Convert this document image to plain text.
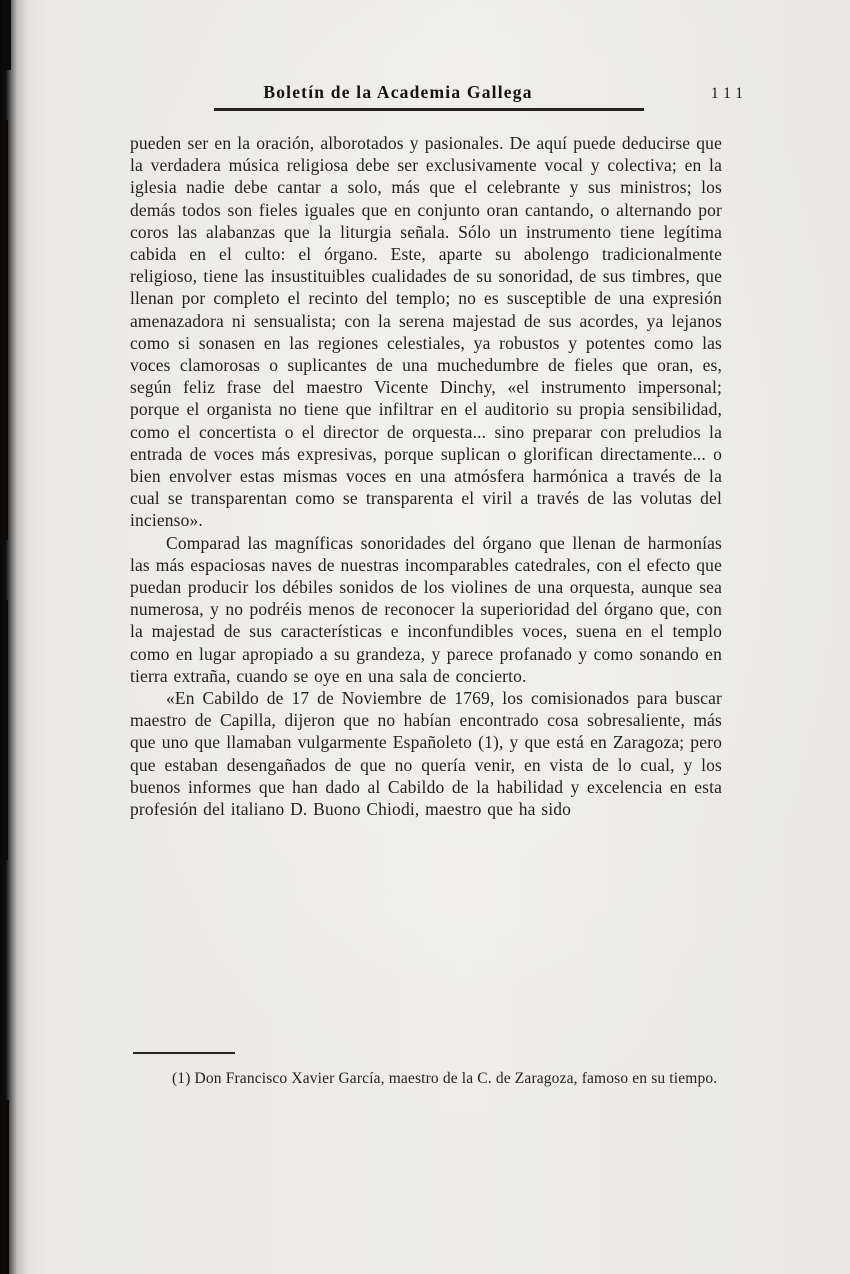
Boletín de la Academia Gallega	111

pueden ser en la oración, alborotados y pasionales. De aquí puede deducirse que la verdadera música religiosa debe ser exclusivamente vocal y colectiva; en la iglesia nadie debe cantar a solo, más que el celebrante y sus ministros; los demás todos son fieles iguales que en conjunto oran cantando, o alternando por coros las alabanzas que la liturgia señala. Sólo un instrumento tiene legítima cabida en el culto: el órgano. Este, aparte su abolengo tradicionalmente religioso, tiene las insustituibles cualidades de su sonoridad, de sus timbres, que llenan por completo el recinto del templo; no es susceptible de una expresión amenazadora ni sensualista; con la serena majestad de sus acordes, ya lejanos como si sonasen en las regiones celestiales, ya robustos y potentes como las voces clamorosas o suplicantes de una muchedumbre de fieles que oran, es, según feliz frase del maestro Vicente Dinchy, «el instrumento impersonal; porque el organista no tiene que infiltrar en el auditorio su propia sensibilidad, como el concertista o el director de orquesta... sino preparar con preludios la entrada de voces más expresivas, porque suplican o glorifican directamente... o bien envolver estas mismas voces en una atmósfera harmónica a través de la cual se transparentan como se transparenta el viril a través de las volutas del incienso».

Comparad las magníficas sonoridades del órgano que llenan de harmonías las más espaciosas naves de nuestras incomparables catedrales, con el efecto que puedan producir los débiles sonidos de los violines de una orquesta, aunque sea numerosa, y no podréis menos de reconocer la superioridad del órgano que, con la majestad de sus características e inconfundibles voces, suena en el templo como en lugar apropiado a su grandeza, y parece profanado y como sonando en tierra extraña, cuando se oye en una sala de concierto.

«En Cabildo de 17 de Noviembre de 1769, los comisionados para buscar maestro de Capilla, dijeron que no habían encontrado cosa sobresaliente, más que uno que llamaban vulgarmente Españoleto (1), y que está en Zaragoza; pero que estaban desengañados de que no quería venir, en vista de lo cual, y los buenos informes que han dado al Cabildo de la habilidad y excelencia en esta profesión del italiano D. Buono Chiodi, maestro que ha sido

(1) Don Francisco Xavier García, maestro de la C. de Zaragoza, famoso en su tiempo.
